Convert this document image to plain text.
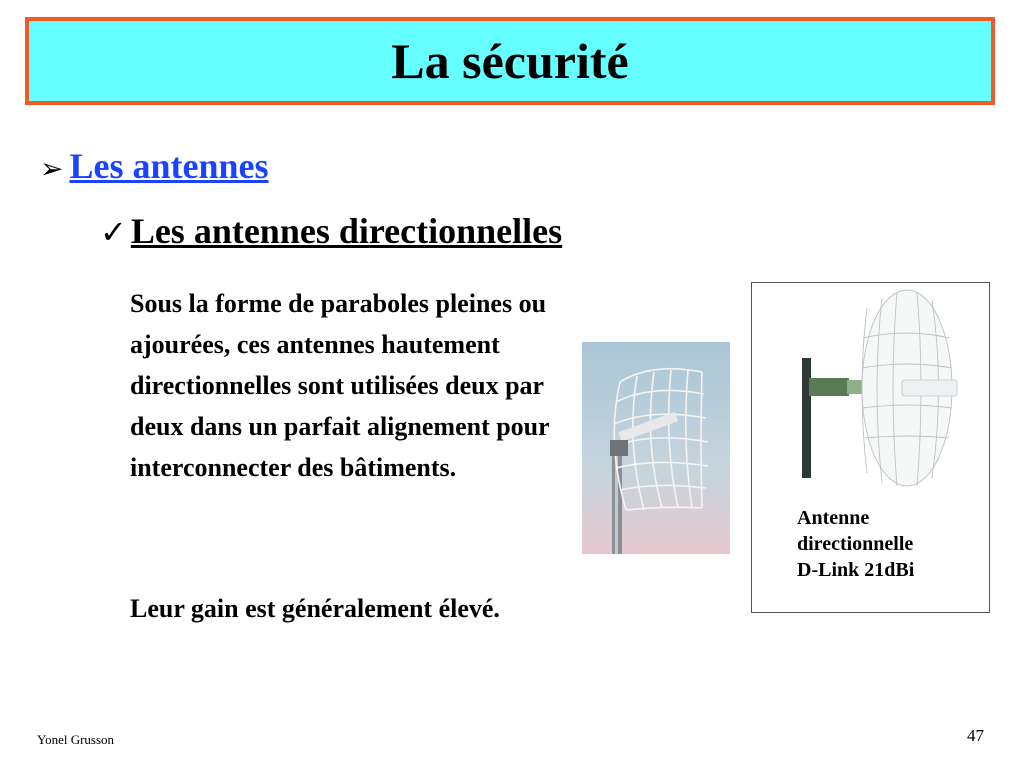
La sécurité
➢ Les antennes
✓ Les antennes directionnelles

Sous la forme de paraboles pleines ou ajourées, ces antennes hautement directionnelles sont utilisées deux par deux dans un parfait alignement pour interconnecter des bâtiments.

Leur gain est généralement élevé.

Antenne
directionnelle
D-Link 21dBi
Yonel Grusson	47
